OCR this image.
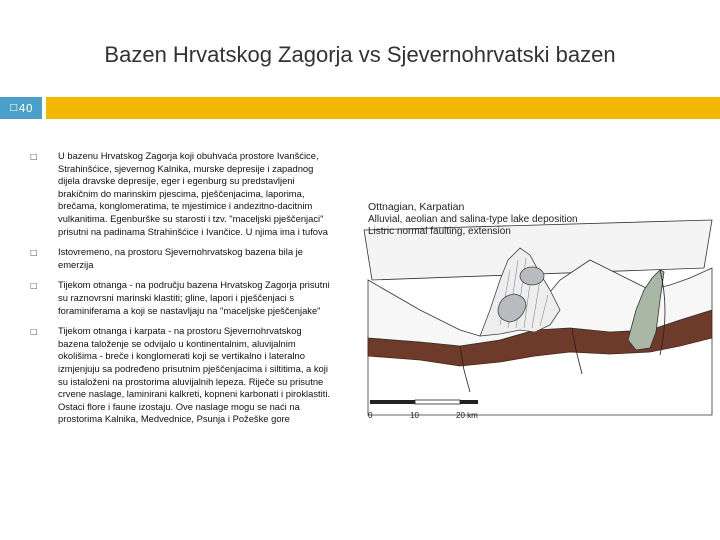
Bazen Hrvatskog Zagorja vs Sjevernohrvatski bazen
□ 40
□ U bazenu Hrvatskog Zagorja koji obuhvaća prostore Ivanšćice, Strahinšćice, sjevernog Kalnika, murske depresije i zapadnog dijela dravske depresije, eger i egenburg su predstavljeni brakičnim do marinskim pjescima, pješčenjacima, laporima, brečama, konglomeratima, te mjestimice i andezitno-dacitnim vulkanitima. Egenburške su starosti i tzv. "maceljski pješčenjaci" prisutni na padinama Strahinšćice i Ivančice. U njima ima i tufova
□ Istovremeno, na prostoru Sjevernohrvatskog bazena bila je emerzija
□ Tijekom otnanga - na području bazena Hrvatskog Zagorja prisutni su raznovrsni marinski klastiti; gline, lapori i pješčenjaci s foraminiferama a koji se nastavljaju na "maceljske pješčenjake"
□ Tijekom otnanga i karpata - na prostoru Sjevernohrvatskog bazena taloženje se odvijalo u kontinentalnim, aluvijalnim okolišima - breče i konglomerati koji se vertikalno i lateralno izmjenjuju sa podređeno prisutnim pješčenjacima i siltitima, a koji su istaloženi na prostorima aluvijalnih lepeza. Riječe su prisutne crvene naslage, laminirani kalkreti, kopneni karbonati i piroklastiti. Ostaci flore i faune izostaju. Ove naslage mogu se naći na prostorima Kalnika, Medvednice, Psunja i Požeške gore	0	10	20 km
Ottnagian, Karpatian
Alluvial, aeolian and salina-type lake deposition
Listric normal faulting, extension
